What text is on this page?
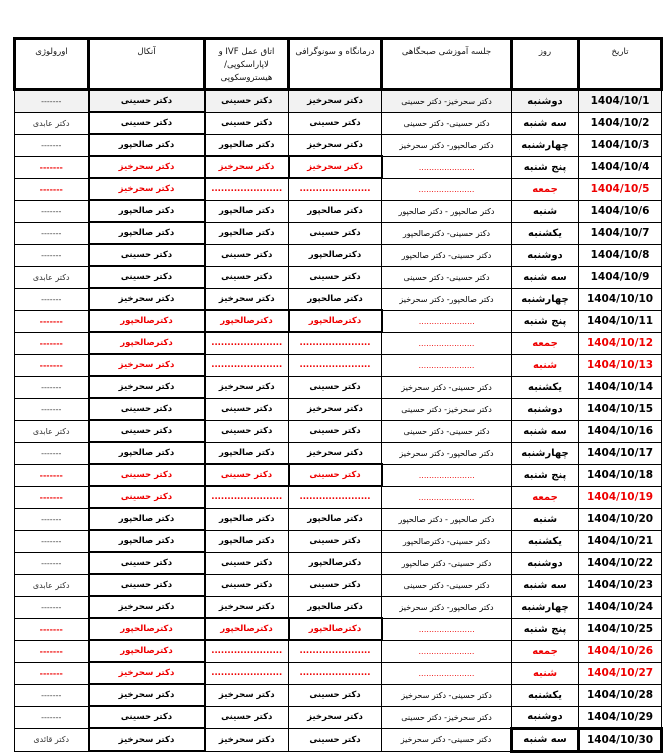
تاریخ	روز	جلسه آموزشی صبحگاهی	درمانگاه و سونوگرافی	اتاق عمل IVF و لاپاراسکوپی/ هیستروسکوپی	آنکال	اورولوژی
1404/10/1	دوشنبه	دکتر سحرخیز- دکتر حسینی	دکتر سحرخیز	دکتر حسینی	دکتر حسینی	-------
1404/10/2	سه شنبه	دکتر حسینی- دکتر حسینی	دکتر حسینی	دکتر حسینی	دکتر حسینی	دکتر عابدی
1404/10/3	چهارشنبه	دکتر صالحپور- دکتر سحرخیز	دکتر سحرخیز	دکتر صالحپور	دکتر صالحپور	-------
1404/10/4	پنج شنبه	......................	دکتر سحرخیز	دکتر سحرخیز	دکتر سحرخیز	-------
1404/10/5	جمعه	......................	......................	......................	دکتر سحرخیز	-------
1404/10/6	شنبه	دکتر صالحپور - دکتر صالحپور	دکتر صالحپور	دکتر صالحپور	دکتر صالحپور	-------
1404/10/7	یکشنبه	دکتر حسینی- دکترصالحپور	دکتر حسینی	دکتر صالحپور	دکتر صالحپور	-------
1404/10/8	دوشنبه	دکتر حسینی- دکتر صالحپور	دکترصالحپور	دکتر حسینی	دکتر حسینی	-------
1404/10/9	سه شنبه	دکتر حسینی- دکتر حسینی	دکتر حسینی	دکتر حسینی	دکتر حسینی	دکتر عابدی
1404/10/10	چهارشنبه	دکتر صالحپور- دکتر سحرخیز	دکتر صالحپور	دکتر سحرخیز	دکتر سحرخیز	-------
1404/10/11	پنج شنبه	......................	دکترصالحپور	دکترصالحپور	دکترصالحپور	-------
1404/10/12	جمعه	......................	......................	......................	دکترصالحپور	-------
1404/10/13	شنبه	......................	......................	......................	دکتر سحرخیز	-------
1404/10/14	یکشنبه	دکتر حسینی- دکتر سحرخیز	دکتر حسینی	دکتر سحرخیز	دکتر سحرخیز	-------
1404/10/15	دوشنبه	دکتر سحرخیز- دکتر حسینی	دکتر سحرخیز	دکتر حسینی	دکتر حسینی	-------
1404/10/16	سه شنبه	دکتر حسینی- دکتر حسینی	دکتر حسینی	دکتر حسینی	دکتر حسینی	دکتر عابدی
1404/10/17	چهارشنبه	دکتر صالحپور- دکتر سحرخیز	دکتر سحرخیز	دکتر صالحپور	دکتر صالحپور	-------
1404/10/18	پنج شنبه	......................	دکتر حسینی	دکتر حسینی	دکتر حسینی	-------
1404/10/19	جمعه	......................	......................	......................	دکتر حسینی	-------
1404/10/20	شنبه	دکتر صالحپور - دکتر صالحپور	دکتر صالحپور	دکتر صالحپور	دکتر صالحپور	-------
1404/10/21	یکشنبه	دکتر حسینی- دکترصالحپور	دکتر حسینی	دکتر صالحپور	دکتر صالحپور	-------
1404/10/22	دوشنبه	دکتر حسینی- دکتر صالحپور	دکترصالحپور	دکتر حسینی	دکتر حسینی	-------
1404/10/23	سه شنبه	دکتر حسینی- دکتر حسینی	دکتر حسینی	دکتر حسینی	دکتر حسینی	دکتر عابدی
1404/10/24	چهارشنبه	دکتر صالحپور- دکتر سحرخیز	دکتر صالحپور	دکتر سحرخیز	دکتر سحرخیز	-------
1404/10/25	پنج شنبه	......................	دکترصالحپور	دکترصالحپور	دکترصالحپور	-------
1404/10/26	جمعه	......................	......................	......................	دکترصالحپور	-------
1404/10/27	شنبه	......................	......................	......................	دکتر سحرخیز	-------
1404/10/28	یکشنبه	دکتر حسینی- دکتر سحرخیز	دکتر حسینی	دکتر سحرخیز	دکتر سحرخیز	-------
1404/10/29	دوشنبه	دکتر سحرخیز- دکتر حسینی	دکتر سحرخیز	دکتر حسینی	دکتر حسینی	-------
1404/10/30	سه شنبه	دکتر حسینی- دکتر سحرخیز	دکتر حسینی	دکتر سحرخیز	دکتر سحرخیز	دکتر قائدی
